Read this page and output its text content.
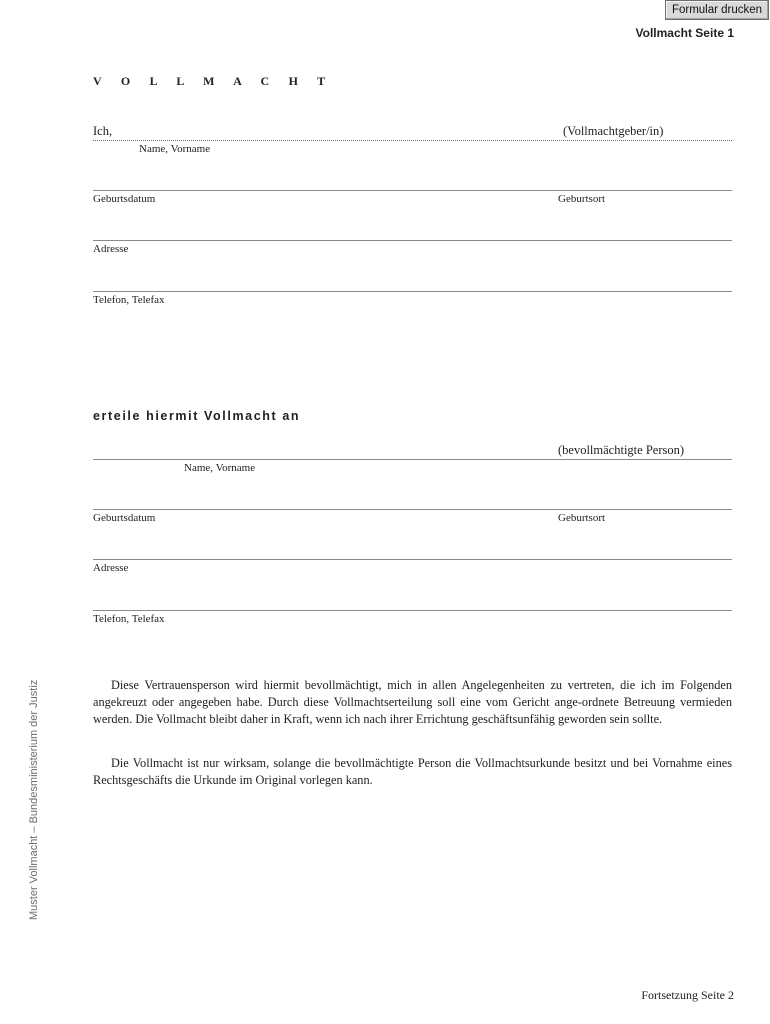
Formular drucken
Vollmacht Seite 1
V O L L M A C H T
Ich,	(Vollmachtgeber/in)
Name, Vorname
Geburtsdatum	Geburtsort
Adresse
Telefon, Telefax
erteile hiermit Vollmacht an
(bevollmächtigte Person)
Name, Vorname
Geburtsdatum	Geburtsort
Adresse
Telefon, Telefax

Diese Vertrauensperson wird hiermit bevollmächtigt, mich in allen Angelegenheiten zu vertreten, die ich im Folgenden angekreuzt oder angegeben habe. Durch diese Vollmachtserteilung soll eine vom Gericht ange-ordnete Betreuung vermieden werden. Die Vollmacht bleibt daher in Kraft, wenn ich nach ihrer Errichtung geschäftsunfähig geworden sein sollte.

Die Vollmacht ist nur wirksam, solange die bevollmächtigte Person die Vollmachtsurkunde besitzt und bei Vornahme eines Rechtsgeschäfts die Urkunde im Original vorlegen kann.

Muster Vollmacht – Bundesministerium der Justiz
Fortsetzung Seite 2
